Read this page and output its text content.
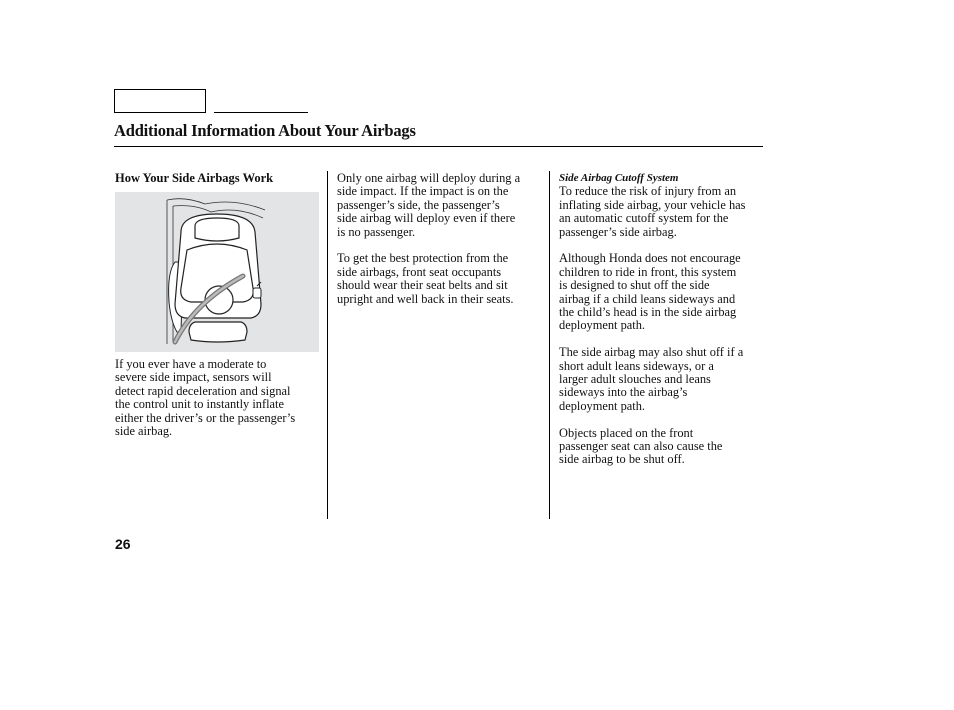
Additional Information About Your Airbags
How Your Side Airbags Work

If you ever have a moderate to
severe side impact, sensors will
detect rapid deceleration and signal
the control unit to instantly inflate
either the driver’s or the passenger’s
side airbag.

Only one airbag will deploy during a
side impact. If the impact is on the
passenger’s side, the passenger’s
side airbag will deploy even if there
is no passenger.

To get the best protection from the
side airbags, front seat occupants
should wear their seat belts and sit
upright and well back in their seats.

Side Airbag Cutoff System

To reduce the risk of injury from an
inflating side airbag, your vehicle has
an automatic cutoff system for the
passenger’s side airbag.

Although Honda does not encourage
children to ride in front, this system
is designed to shut off the side
airbag if a child leans sideways and
the child’s head is in the side airbag
deployment path.

The side airbag may also shut off if a
short adult leans sideways, or a
larger adult slouches and leans
sideways into the airbag’s
deployment path.

Objects placed on the front
passenger seat can also cause the
side airbag to be shut off.

26
